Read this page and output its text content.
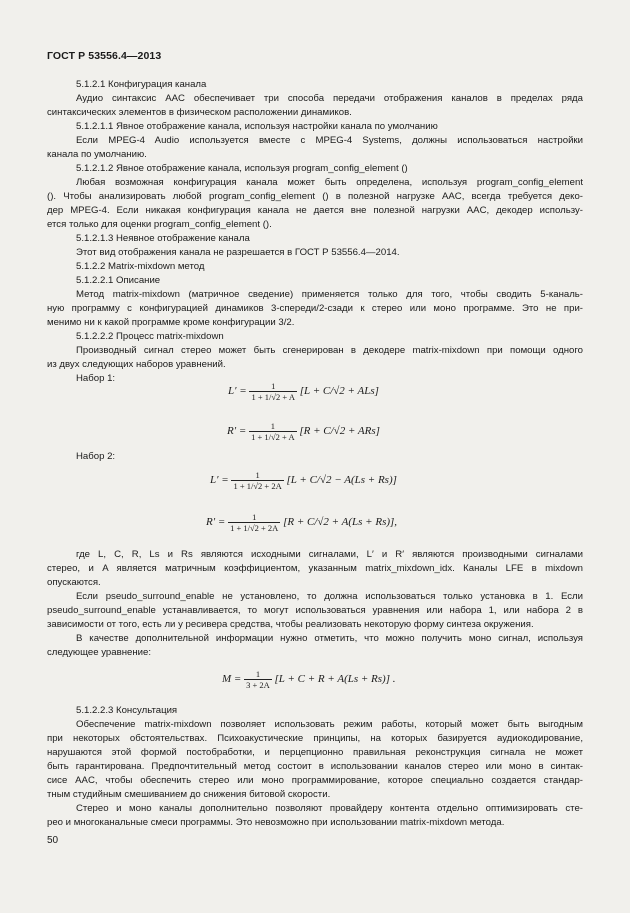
ГОСТ Р 53556.4—2013
5.1.2.1 Конфигурация канала
Аудио синтаксис AAC обеспечивает три способа передачи отображения каналов в пределах ряда
синтаксических элементов в физическом расположении динамиков.
5.1.2.1.1 Явное отображение канала, используя настройки канала по умолчанию
Если MPEG-4 Audio используется вместе с MPEG-4 Systems, должны использоваться настройки
канала по умолчанию.
5.1.2.1.2 Явное отображение канала, используя program_config_element ()
Любая возможная конфигурация канала может быть определена, используя program_config_element
(). Чтобы анализировать любой program_config_element () в полезной нагрузке AAC, всегда требуется деко-
дер MPEG-4. Если никакая конфигурация канала не дается вне полезной нагрузки AAC, декодер использу-
ется только для оценки program_config_element ().
5.1.2.1.3 Неявное отображение канала
Этот вид отображения канала не разрешается в ГОСТ Р 53556.4—2014.
5.1.2.2 Matrix-mixdown метод
5.1.2.2.1 Описание
Метод matrix-mixdown (матричное сведение) применяется только для того, чтобы сводить 5-каналь-
ную программу с конфигурацией динамиков 3-спереди/2-сзади к стерео или моно программе. Это не при-
менимо ни к какой программе кроме конфигурации 3/2.
5.1.2.2.2 Процесс matrix-mixdown
Производный сигнал стерео может быть сгенерирован в декодере matrix-mixdown при помощи одного
из двух следующих наборов уравнений.
Набор 1:
$L' = \frac{1}{1 + 1/√2 + A} [L + C/√2 + ALs]$
$R' = \frac{1}{1 + 1/√2 + A} [R + C/√2 + ARs]$
Набор 2:
$L' = \frac{1}{1 + 1/√2 + 2A} [L + C/√2 - A(Ls + Rs)]$
$R' = \frac{1}{1 + 1/√2 + 2A} [R + C/√2 + A(Ls + Rs)]$,
где L, C, R, Ls и Rs являются исходными сигналами, L′ и R′ являются производными сигналами
стерео, и A является матричным коэффициентом, указанным matrix_mixdown_idx. Каналы LFE в mixdown
опускаются.
Если pseudo_surround_enable не установлено, то должна использоваться только установка в 1. Если
pseudo_surround_enable устанавливается, то могут использоваться уравнения или набора 1, или набора 2 в
зависимости от того, есть ли у ресивера средства, чтобы реализовать некоторую форму синтеза окружения.
В качестве дополнительной информации нужно отметить, что можно получить моно сигнал, используя
следующее уравнение:
$M = \frac{1}{3 + 2A} [L + C + R + A(Ls + Rs)]$ .
5.1.2.2.3 Консультация
Обеспечение matrix-mixdown позволяет использовать режим работы, который может быть выгодным
при некоторых обстоятельствах. Психоакустические принципы, на которых базируется аудиокодирование,
нарушаются этой формой постобработки, и перцепционно правильная реконструкция сигнала не может
быть гарантирована. Предпочтительный метод состоит в использовании каналов стерео или моно в синтак-
сисе AAC, чтобы обеспечить стерео или моно программирование, которое специально создается стандар-
тным студийным смешиванием до снижения битовой скорости.
Стерео и моно каналы дополнительно позволяют провайдеру контента отдельно оптимизировать сте-
рео и многоканальные смеси программы. Это невозможно при использовании matrix-mixdown метода.
50
